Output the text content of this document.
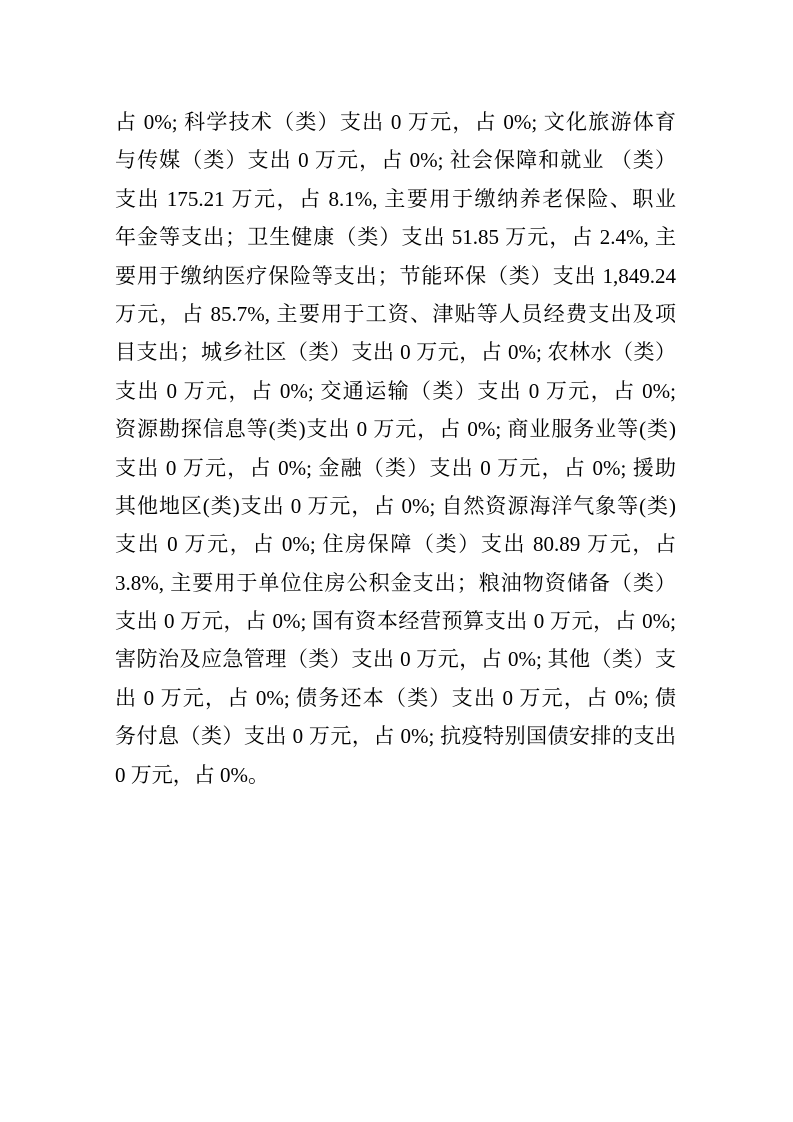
占 0%; 科学技术（类）支出 0 万元，占 0%; 文化旅游体育
与传媒（类）支出 0 万元，占 0%; 社会保障和就业 （类）
支出 175.21 万元，占 8.1%, 主要用于缴纳养老保险、职业
年金等支出；卫生健康（类）支出 51.85 万元，占 2.4%, 主
要用于缴纳医疗保险等支出；节能环保（类）支出 1,849.24
万元，占 85.7%, 主要用于工资、津贴等人员经费支出及项
目支出；城乡社区（类）支出 0 万元，占 0%; 农林水（类）
支出 0 万元，占 0%; 交通运输（类）支出 0 万元，占 0%;
资源勘探信息等(类)支出 0 万元，占 0%; 商业服务业等(类)
支出 0 万元，占 0%; 金融（类）支出 0 万元，占 0%; 援助
其他地区(类)支出 0 万元，占 0%; 自然资源海洋气象等(类)
支出 0 万元，占 0%; 住房保障（类）支出 80.89 万元，占
3.8%, 主要用于单位住房公积金支出；粮油物资储备（类）
支出 0 万元，占 0%; 国有资本经营预算支出 0 万元，占 0%;
害防治及应急管理（类）支出 0 万元，占 0%; 其他（类）支
出 0 万元，占 0%; 债务还本（类）支出 0 万元，占 0%; 债
务付息（类）支出 0 万元，占 0%; 抗疫特别国债安排的支出
0 万元，占 0%。
